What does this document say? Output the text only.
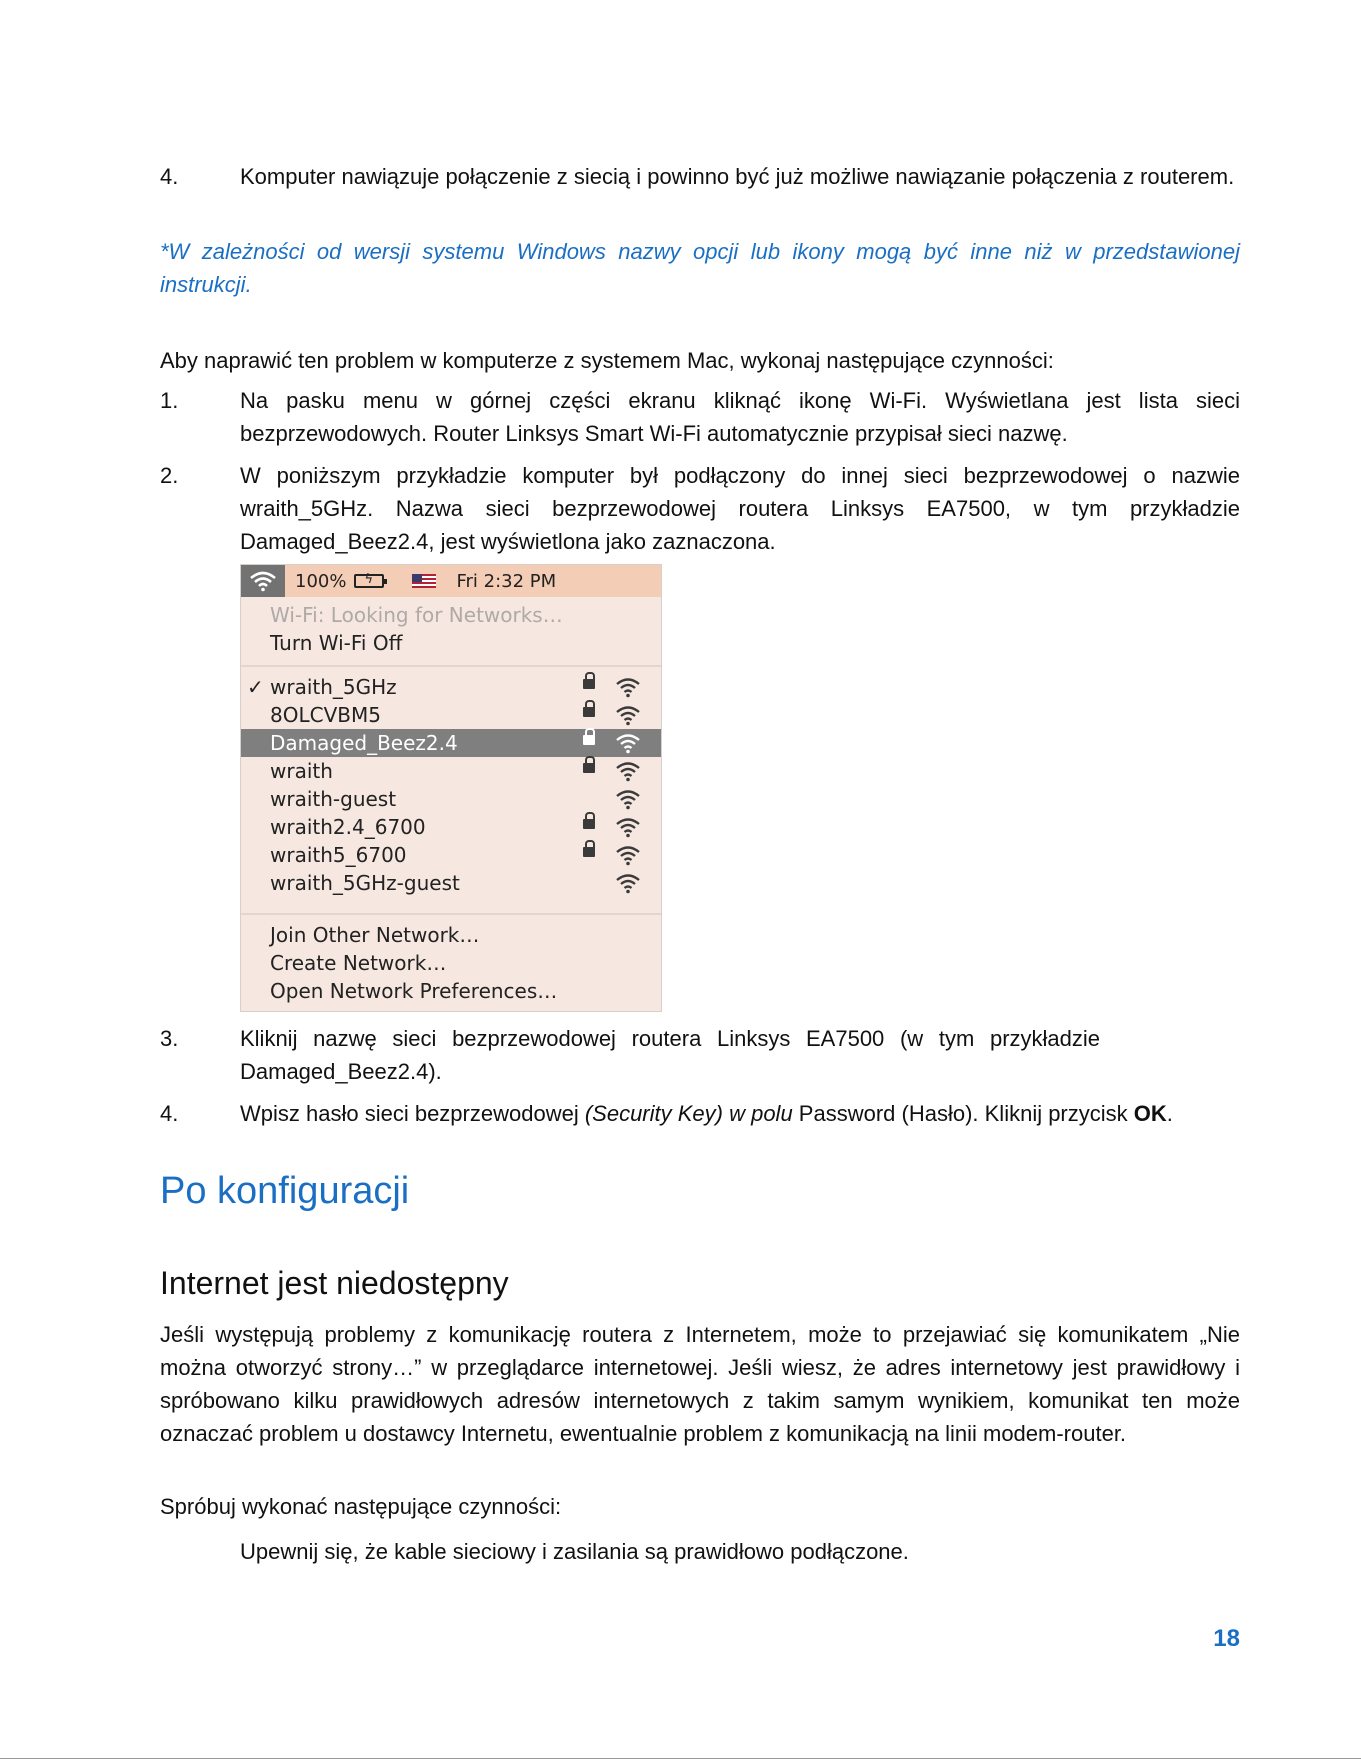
4.	Komputer nawiązuje połączenie z siecią i powinno być już możliwe nawiązanie połączenia z routerem.

*W zależności od wersji systemu Windows nazwy opcji lub ikony mogą być inne niż w przedstawionej instrukcji.

Aby naprawić ten problem w komputerze z systemem Mac, wykonaj następujące czynności:

1.	Na pasku menu w górnej części ekranu kliknąć ikonę Wi-Fi. Wyświetlana jest lista sieci bezprzewodowych. Router Linksys Smart Wi-Fi automatycznie przypisał sieci nazwę.
2.	W poniższym przykładzie komputer był podłączony do innej sieci bezprzewodowej o nazwie wraith_5GHz. Nazwa sieci bezprzewodowej routera Linksys EA7500, w tym przykładzie Damaged_Beez2.4, jest wyświetlona jako zaznaczona.
100% ϟ	Fri 2:32 PM
Wi-Fi: Looking for Networks…
Turn Wi-Fi Off
✓ wraith_5GHz
8OLCVBM5
Damaged_Beez2.4
wraith
wraith-guest
wraith2.4_6700
wraith5_6700
wraith_5GHz-guest
Join Other Network…
Create Network…
Open Network Preferences…
3.	Kliknij nazwę sieci bezprzewodowej routera Linksys EA7500 (w tym przykładzie Damaged_Beez2.4).
4.	Wpisz hasło sieci bezprzewodowej (Security Key) w polu Password (Hasło). Kliknij przycisk OK.
Po konfiguracji
Internet jest niedostępny

Jeśli występują problemy z komunikację routera z Internetem, może to przejawiać się komunikatem „Nie można otworzyć strony…” w przeglądarce internetowej. Jeśli wiesz, że adres internetowy jest prawidłowy i spróbowano kilku prawidłowych adresów internetowych z takim samym wynikiem, komunikat ten może oznaczać problem u dostawcy Internetu, ewentualnie problem z komunikacją na linii modem-router.

Spróbuj wykonać następujące czynności:

Upewnij się, że kable sieciowy i zasilania są prawidłowo podłączone.

18
